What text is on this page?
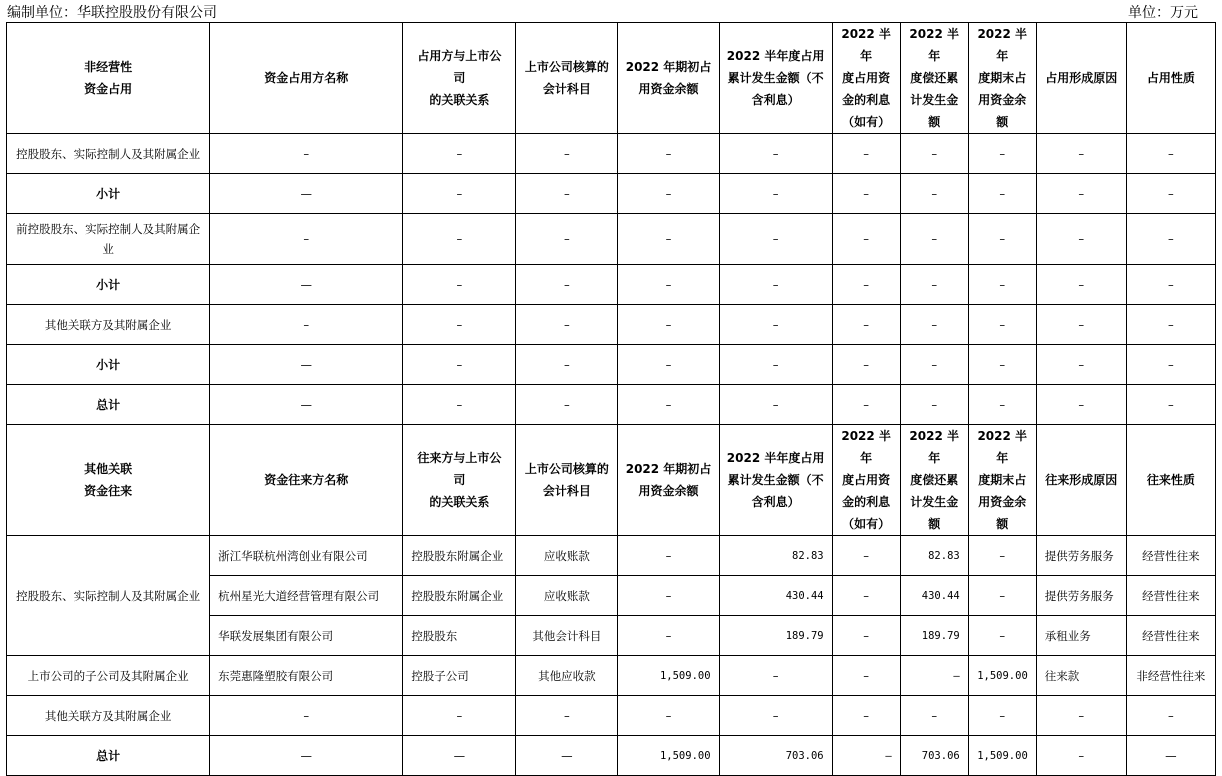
编制单位：华联控股股份有限公司	单位：万元
非经营性
资金占用	资金占用方名称	占用方与上市公
司
的关联关系	上市公司核算的
会计科目	2022 年期初占
用资金余额	2022 半年度占用
累计发生金额（不
含利息）	2022 半年
度占用资
金的利息
（如有）	2022 半年
度偿还累
计发生金
额	2022 半年
度期末占
用资金余
额	占用形成原因	占用性质
控股股东、实际控制人及其附属企业	–	–	–	–	–	–	–	–	–	–
小计	—	–	–	–	–	–	–	–	–	–
前控股股东、实际控制人及其附属企
业	–	–	–	–	–	–	–	–	–	–
小计	—	–	–	–	–	–	–	–	–	–
其他关联方及其附属企业	–	–	–	–	–	–	–	–	–	–
小计	—	–	–	–	–	–	–	–	–	–
总计	—	–	–	–	–	–	–	–	–	–
其他关联
资金往来	资金往来方名称	往来方与上市公
司
的关联关系	上市公司核算的
会计科目	2022 年期初占
用资金余额	2022 半年度占用
累计发生金额（不
含利息）	2022 半年
度占用资
金的利息
（如有）	2022 半年
度偿还累
计发生金
额	2022 半年
度期末占
用资金余
额	往来形成原因	往来性质
控股股东、实际控制人及其附属企业	浙江华联杭州湾创业有限公司	控股股东附属企业	应收账款	–	82.83	–	82.83	–	提供劳务服务	经营性往来
	杭州星光大道经营管理有限公司	控股股东附属企业	应收账款	–	430.44	–	430.44	–	提供劳务服务	经营性往来
	华联发展集团有限公司	控股股东	其他会计科目	–	189.79	–	189.79	–	承租业务	经营性往来
上市公司的子公司及其附属企业	东莞惠隆塑胶有限公司	控股子公司	其他应收款	1,509.00	–	–	–	1,509.00	往来款	非经营性往来
其他关联方及其附属企业	–	–	–	–	–	–	–	–	–	–
总计	—	—	—	1,509.00	703.06	–	703.06	1,509.00	–	—
